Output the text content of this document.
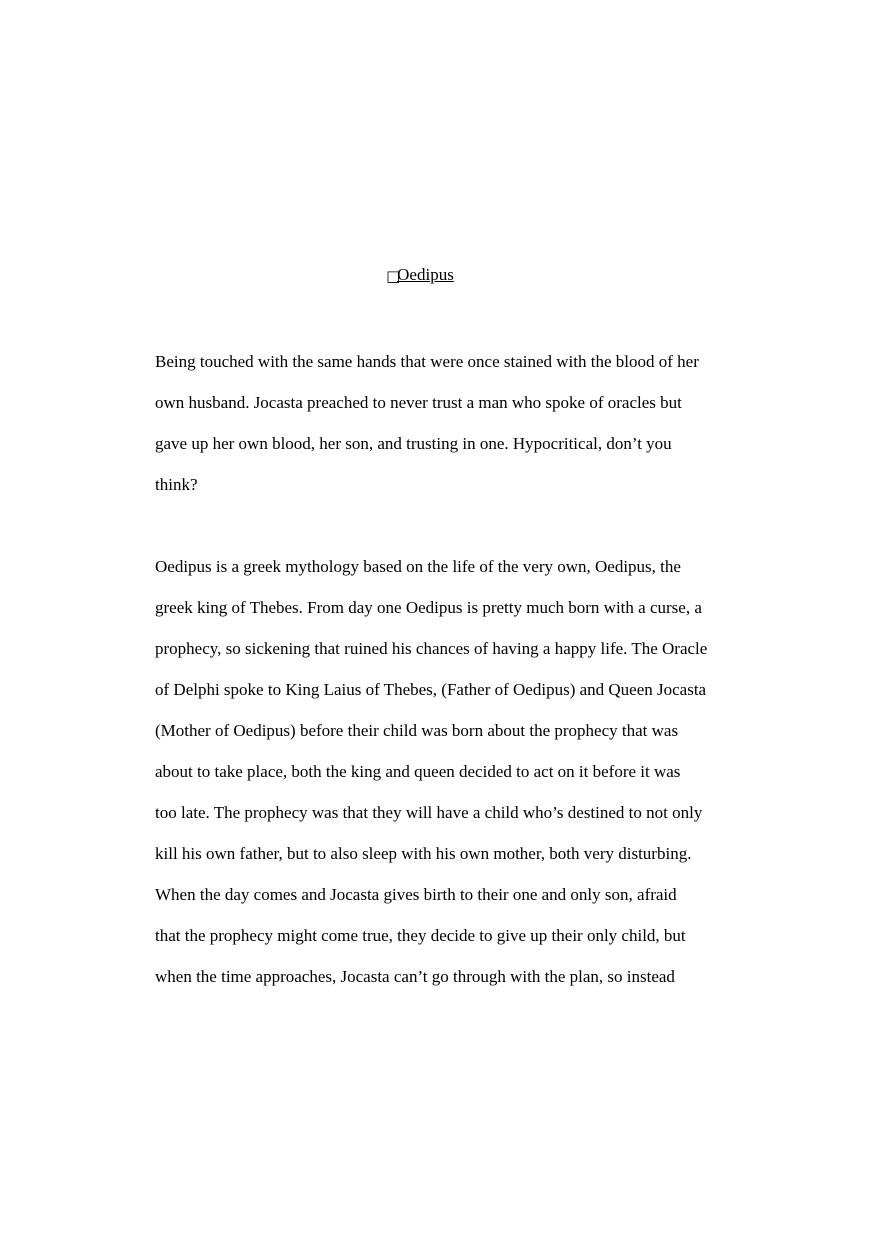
□Oedipus
Being touched with the same hands that were once stained with the blood of her
own husband. Jocasta preached to never trust a man who spoke of oracles but
gave up her own blood, her son, and trusting in one. Hypocritical, don’t you
think?
Oedipus is a greek mythology based on the life of the very own, Oedipus, the
greek king of Thebes. From day one Oedipus is pretty much born with a curse, a
prophecy, so sickening that ruined his chances of having a happy life. The Oracle
of Delphi spoke to King Laius of Thebes, (Father of Oedipus) and Queen Jocasta
(Mother of Oedipus) before their child was born about the prophecy that was
about to take place, both the king and queen decided to act on it before it was
too late. The prophecy was that they will have a child who’s destined to not only
kill his own father, but to also sleep with his own mother, both very disturbing.
When the day comes and Jocasta gives birth to their one and only son, afraid
that the prophecy might come true, they decide to give up their only child, but
when the time approaches, Jocasta can’t go through with the plan, so instead
